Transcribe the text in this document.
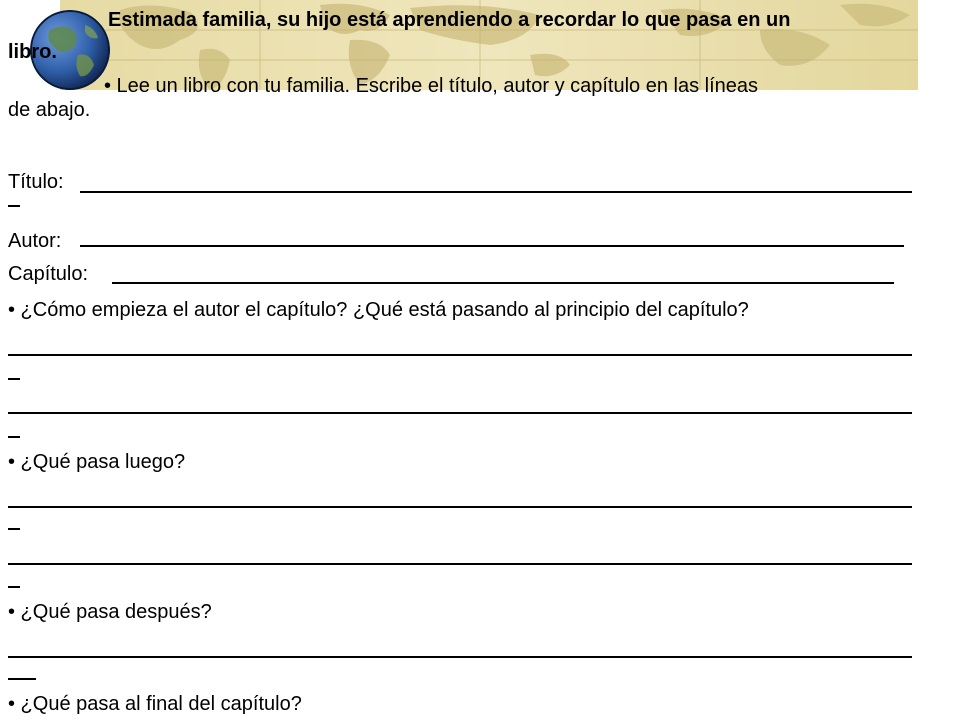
Estimada familia, su hijo está aprendiendo a recordar lo que pasa en un
libro.
• Lee un libro con tu familia. Escribe el título, autor y capítulo en las líneas
de abajo.
Título:
Autor:
Capítulo:
• ¿Cómo empieza el autor el capítulo? ¿Qué está pasando al principio del capítulo?
• ¿Qué pasa luego?
• ¿Qué pasa después?
• ¿Qué pasa al final del capítulo?
